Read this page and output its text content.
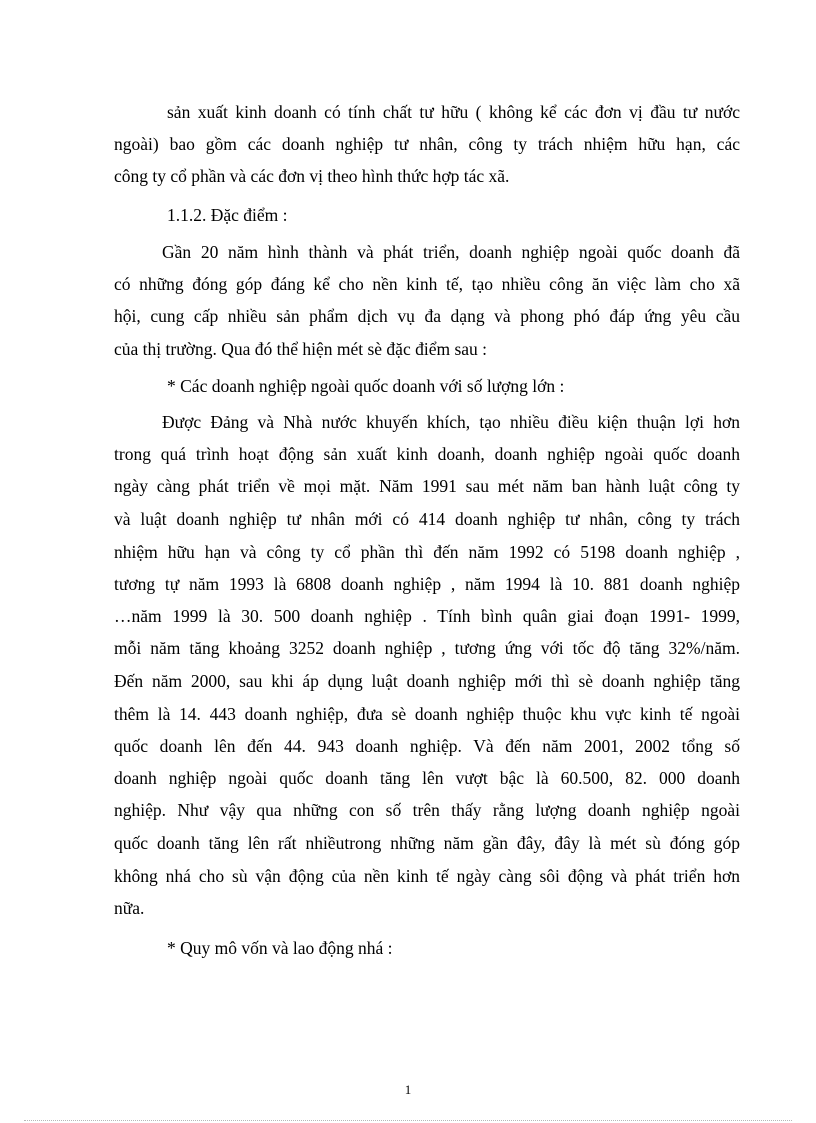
sản xuất kinh doanh có tính chất tư hữu ( không kể các đơn vị đầu tư nước
ngoài) bao gồm các doanh nghiệp tư nhân, công ty trách nhiệm hữu hạn, các
công ty cổ phần và các đơn vị theo hình thức hợp tác xã.
1.1.2. Đặc điểm :
Gần 20 năm hình thành và phát triển, doanh nghiệp ngoài quốc doanh đã
có những đóng góp đáng kể cho nền kinh tế, tạo nhiều công ăn việc làm cho xã
hội, cung cấp nhiều sản phẩm dịch vụ đa dạng và phong phó đáp ứng yêu cầu
của thị trường. Qua đó thể hiện mét sè đặc điểm sau :
* Các doanh nghiệp ngoài quốc doanh với số lượng lớn :
Được Đảng và Nhà nước khuyến khích, tạo nhiều điều kiện thuận lợi hơn
trong quá trình hoạt động sản xuất kinh doanh, doanh nghiệp ngoài quốc doanh
ngày càng phát triển về mọi mặt. Năm 1991 sau mét năm ban hành luật công ty
và luật doanh nghiệp tư nhân mới có 414 doanh nghiệp tư nhân, công ty trách
nhiệm hữu hạn và công ty cổ phần thì đến năm 1992 có 5198 doanh nghiệp ,
tương tự năm 1993 là 6808 doanh nghiệp , năm 1994 là 10. 881 doanh nghiệp
…năm 1999 là 30. 500 doanh nghiệp . Tính bình quân giai đoạn 1991- 1999,
mỗi năm tăng khoảng 3252 doanh nghiệp , tương ứng với tốc độ tăng 32%/năm.
Đến năm 2000, sau khi áp dụng luật doanh nghiệp mới thì sè doanh nghiệp tăng
thêm là 14. 443 doanh nghiệp, đưa sè doanh nghiệp thuộc khu vực kinh tế ngoài
quốc doanh lên đến 44. 943 doanh nghiệp. Và đến năm 2001, 2002 tổng số
doanh nghiệp ngoài quốc doanh tăng lên vượt bậc là 60.500, 82. 000 doanh
nghiệp. Như vậy qua những con số trên thấy rằng lượng doanh nghiệp ngoài
quốc doanh tăng lên rất nhiềutrong những năm gần đây, đây là mét sù đóng góp
không nhá cho sù vận động của nền kinh tế ngày càng sôi động và phát triển hơn
nữa.
* Quy mô vốn và lao động nhá :
1
